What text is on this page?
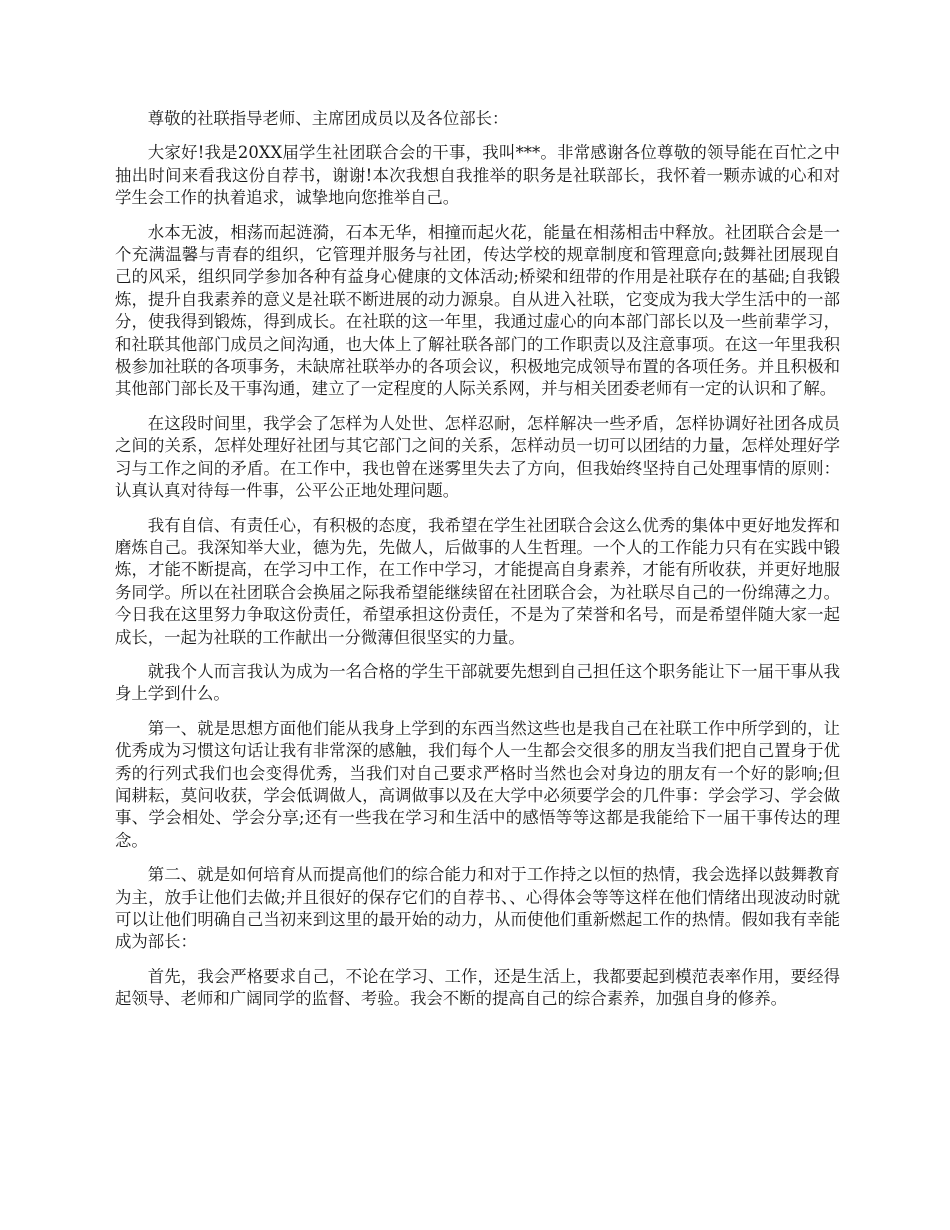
尊敬的社联指导老师、主席团成员以及各位部长：

大家好!我是20XX届学生社团联合会的干事，我叫***。非常感谢各位尊敬的领导能在百忙之中抽出时间来看我这份自荐书，谢谢!本次我想自我推举的职务是社联部长，我怀着一颗赤诚的心和对学生会工作的执着追求，诚挚地向您推举自己。

水本无波，相荡而起涟漪，石本无华，相撞而起火花，能量在相荡相击中释放。社团联合会是一个充满温馨与青春的组织，它管理并服务与社团，传达学校的规章制度和管理意向;鼓舞社团展现自己的风采，组织同学参加各种有益身心健康的文体活动;桥梁和纽带的作用是社联存在的基础;自我锻炼，提升自我素养的意义是社联不断进展的动力源泉。自从进入社联，它变成为我大学生活中的一部分，使我得到锻炼，得到成长。在社联的这一年里，我通过虚心的向本部门部长以及一些前辈学习，和社联其他部门成员之间沟通，也大体上了解社联各部门的工作职责以及注意事项。在这一年里我积极参加社联的各项事务，未缺席社联举办的各项会议，积极地完成领导布置的各项任务。并且积极和其他部门部长及干事沟通，建立了一定程度的人际关系网，并与相关团委老师有一定的认识和了解。

在这段时间里，我学会了怎样为人处世、怎样忍耐，怎样解决一些矛盾，怎样协调好社团各成员之间的关系，怎样处理好社团与其它部门之间的关系，怎样动员一切可以团结的力量，怎样处理好学习与工作之间的矛盾。在工作中，我也曾在迷雾里失去了方向，但我始终坚持自己处理事情的原则：认真认真对待每一件事，公平公正地处理问题。

我有自信、有责任心，有积极的态度，我希望在学生社团联合会这么优秀的集体中更好地发挥和磨炼自己。我深知举大业，德为先，先做人，后做事的人生哲理。一个人的工作能力只有在实践中锻炼，才能不断提高，在学习中工作，在工作中学习，才能提高自身素养，才能有所收获，并更好地服务同学。所以在社团联合会换届之际我希望能继续留在社团联合会，为社联尽自己的一份绵薄之力。今日我在这里努力争取这份责任，希望承担这份责任，不是为了荣誉和名号，而是希望伴随大家一起成长，一起为社联的工作献出一分微薄但很坚实的力量。

就我个人而言我认为成为一名合格的学生干部就要先想到自己担任这个职务能让下一届干事从我身上学到什么。

第一、就是思想方面他们能从我身上学到的东西当然这些也是我自己在社联工作中所学到的，让优秀成为习惯这句话让我有非常深的感触，我们每个人一生都会交很多的朋友当我们把自己置身于优秀的行列式我们也会变得优秀，当我们对自己要求严格时当然也会对身边的朋友有一个好的影响;但闻耕耘，莫问收获，学会低调做人，高调做事以及在大学中必须要学会的几件事：学会学习、学会做事、学会相处、学会分享;还有一些我在学习和生活中的感悟等等这都是我能给下一届干事传达的理念。

第二、就是如何培育从而提高他们的综合能力和对于工作持之以恒的热情，我会选择以鼓舞教育为主，放手让他们去做;并且很好的保存它们的自荐书、、心得体会等等这样在他们情绪出现波动时就可以让他们明确自己当初来到这里的最开始的动力，从而使他们重新燃起工作的热情。假如我有幸能成为部长：

首先，我会严格要求自己，不论在学习、工作，还是生活上，我都要起到模范表率作用，要经得起领导、老师和广阔同学的监督、考验。我会不断的提高自己的综合素养，加强自身的修养。
